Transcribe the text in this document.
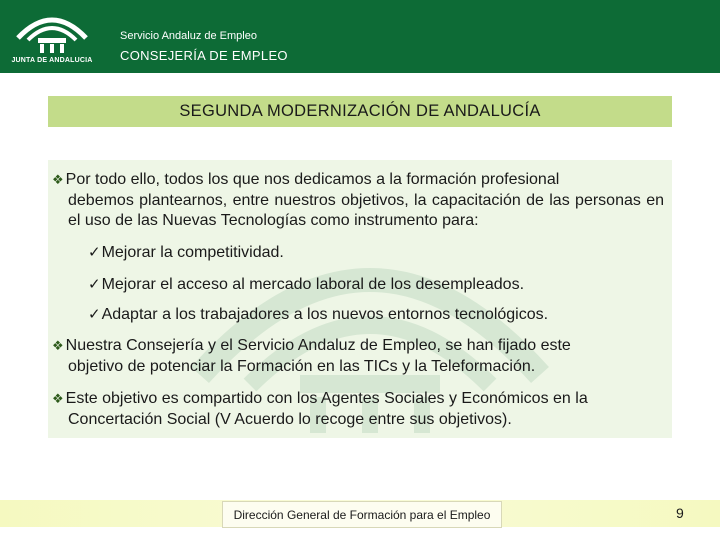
JUNTA DE ANDALUCIA
Servicio Andaluz de Empleo
CONSEJERÍA DE EMPLEO
SEGUNDA MODERNIZACIÓN DE ANDALUCÍA
❖ Por todo ello, todos los que nos dedicamos a la formación profesional
debemos plantearnos, entre nuestros objetivos, la capacitación de las personas en el uso de las Nuevas Tecnologías como instrumento para:
✓Mejorar la competitividad.
✓Mejorar el acceso al mercado laboral de los desempleados.
✓Adaptar a los trabajadores a los nuevos entornos tecnológicos.
❖ Nuestra Consejería y el Servicio Andaluz de Empleo, se han fijado este
objetivo de potenciar la Formación en las TICs y la Teleformación.
❖ Este objetivo es compartido con los Agentes Sociales y Económicos en la
Concertación Social (V Acuerdo lo recoge entre sus objetivos).
Dirección General de Formación para el Empleo	9
